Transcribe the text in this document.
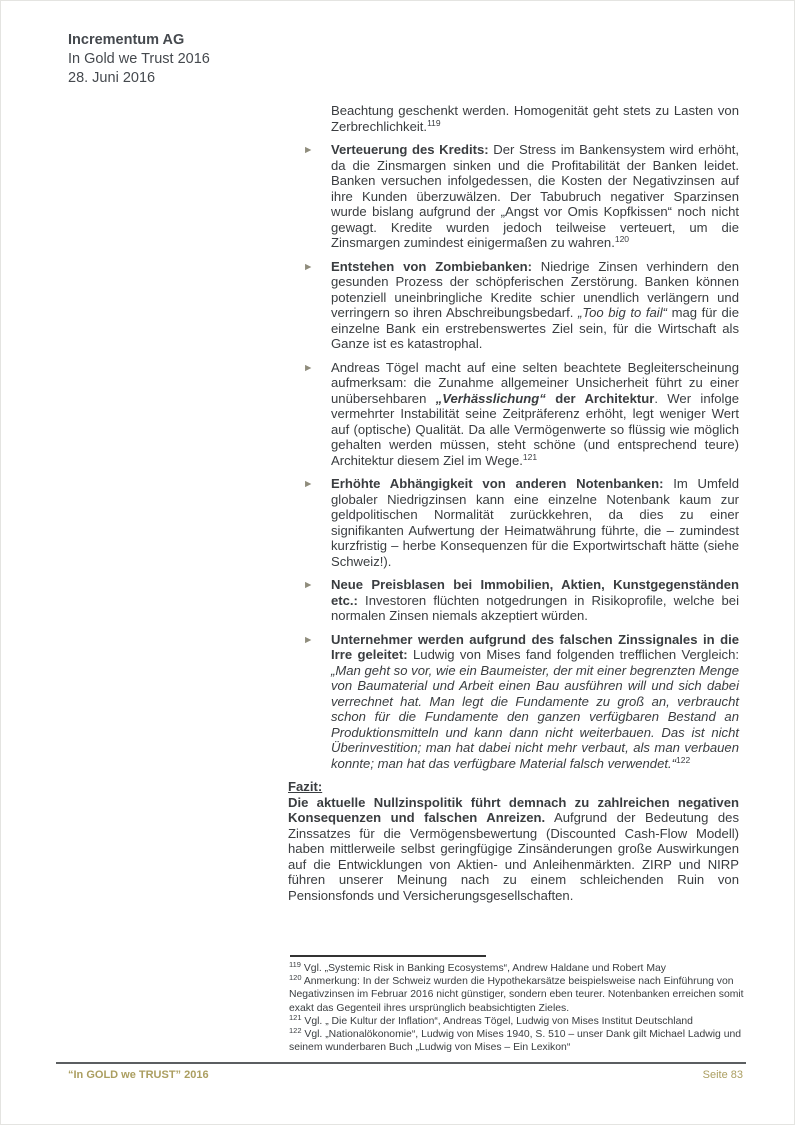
Incrementum AG
In Gold we Trust 2016
28. Juni 2016
Beachtung geschenkt werden. Homogenität geht stets zu Lasten von Zerbrechlichkeit.$^{119}$
► Verteuerung des Kredits: Der Stress im Bankensystem wird erhöht, da die Zinsmargen sinken und die Profitabilität der Banken leidet. Banken versuchen infolgedessen, die Kosten der Negativzinsen auf ihre Kunden überzuwälzen. Der Tabubruch negativer Sparzinsen wurde bislang aufgrund der „Angst vor Omis Kopfkissen“ noch nicht gewagt. Kredite wurden jedoch teilweise verteuert, um die Zinsmargen zumindest einigermaßen zu wahren.$^{120}$
► Entstehen von Zombiebanken: Niedrige Zinsen verhindern den gesunden Prozess der schöpferischen Zerstörung. Banken können potenziell uneinbringliche Kredite schier unendlich verlängern und verringern so ihren Abschreibungsbedarf. „Too big to fail“ mag für die einzelne Bank ein erstrebenswertes Ziel sein, für die Wirtschaft als Ganze ist es katastrophal.
► Andreas Tögel macht auf eine selten beachtete Begleiterscheinung aufmerksam: die Zunahme allgemeiner Unsicherheit führt zu einer unübersehbaren „Verhässlichung“ der Architektur. Wer infolge vermehrter Instabilität seine Zeitpräferenz erhöht, legt weniger Wert auf (optische) Qualität. Da alle Vermögenwerte so flüssig wie möglich gehalten werden müssen, steht schöne (und entsprechend teure) Architektur diesem Ziel im Wege.$^{121}$
► Erhöhte Abhängigkeit von anderen Notenbanken: Im Umfeld globaler Niedrigzinsen kann eine einzelne Notenbank kaum zur geldpolitischen Normalität zurückkehren, da dies zu einer signifikanten Aufwertung der Heimatwährung führte, die – zumindest kurzfristig – herbe Konsequenzen für die Exportwirtschaft hätte (siehe Schweiz!).
► Neue Preisblasen bei Immobilien, Aktien, Kunstgegenständen etc.: Investoren flüchten notgedrungen in Risikoprofile, welche bei normalen Zinsen niemals akzeptiert würden.
► Unternehmer werden aufgrund des falschen Zinssignales in die Irre geleitet: Ludwig von Mises fand folgenden trefflichen Vergleich: „Man geht so vor, wie ein Baumeister, der mit einer begrenzten Menge von Baumaterial und Arbeit einen Bau ausführen will und sich dabei verrechnet hat. Man legt die Fundamente zu groß an, verbraucht schon für die Fundamente den ganzen verfügbaren Bestand an Produktionsmitteln und kann dann nicht weiterbauen. Das ist nicht Überinvestition; man hat dabei nicht mehr verbaut, als man verbauen konnte; man hat das verfügbare Material falsch verwendet.“$^{122}$
Fazit:
Die aktuelle Nullzinspolitik führt demnach zu zahlreichen negativen Konsequenzen und falschen Anreizen. Aufgrund der Bedeutung des Zinssatzes für die Vermögensbewertung (Discounted Cash-Flow Modell) haben mittlerweile selbst geringfügige Zinsänderungen große Auswirkungen auf die Entwicklungen von Aktien- und Anleihenmärkten. ZIRP und NIRP führen unserer Meinung nach zu einem schleichenden Ruin von Pensionsfonds und Versicherungsgesellschaften.
$^{119}$ Vgl. „Systemic Risk in Banking Ecosystems“, Andrew Haldane und Robert May
$^{120}$ Anmerkung: In der Schweiz wurden die Hypothekarsätze beispielsweise nach Einführung von Negativzinsen im Februar 2016 nicht günstiger, sondern eben teurer. Notenbanken erreichen somit exakt das Gegenteil ihres ursprünglich beabsichtigten Zieles.
$^{121}$ Vgl. „ Die Kultur der Inflation“, Andreas Tögel, Ludwig von Mises Institut Deutschland
$^{122}$ Vgl. „Nationalökonomie“, Ludwig von Mises 1940, S. 510 – unser Dank gilt Michael Ladwig und seinem wunderbaren Buch „Ludwig von Mises – Ein Lexikon“
“In GOLD we TRUST” 2016	Seite 83
